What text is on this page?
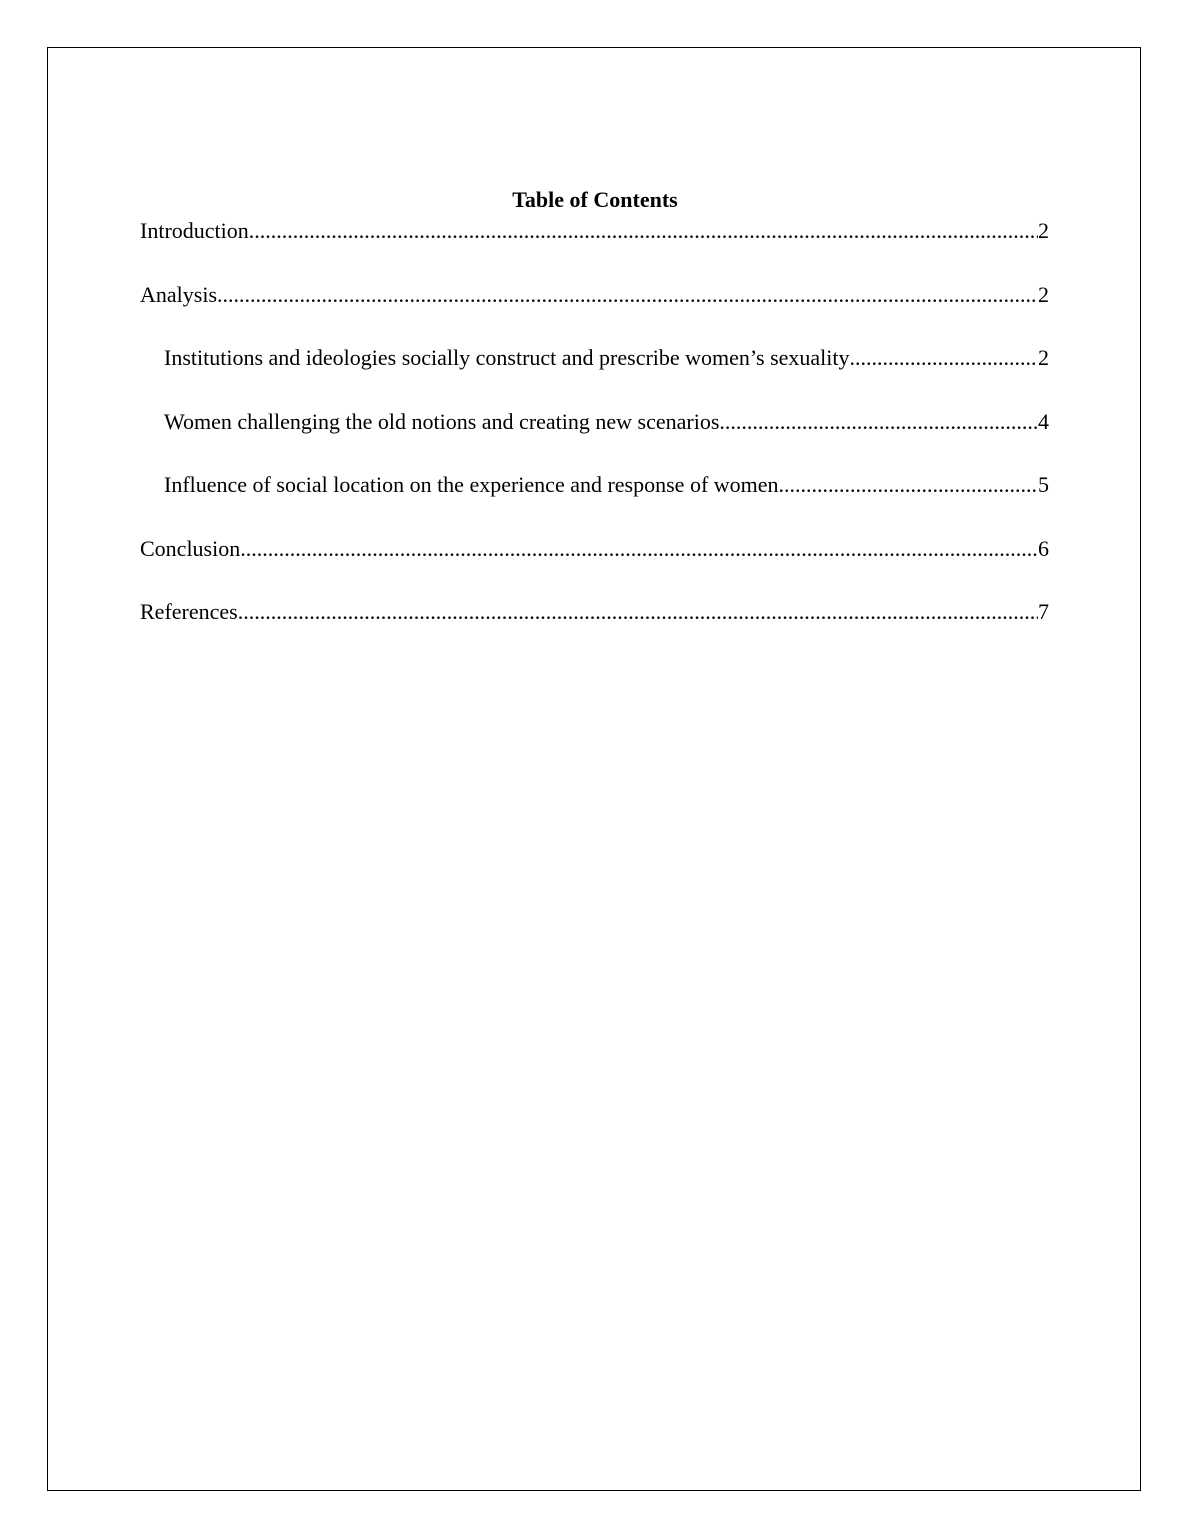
Table of Contents
Introduction .....	2
Analysis .....	2
Institutions and ideologies socially construct and prescribe women’s sexuality .....	2
Women challenging the old notions and creating new scenarios .....	4
Influence of social location on the experience and response of women .....	5
Conclusion .....	6
References .....	7
